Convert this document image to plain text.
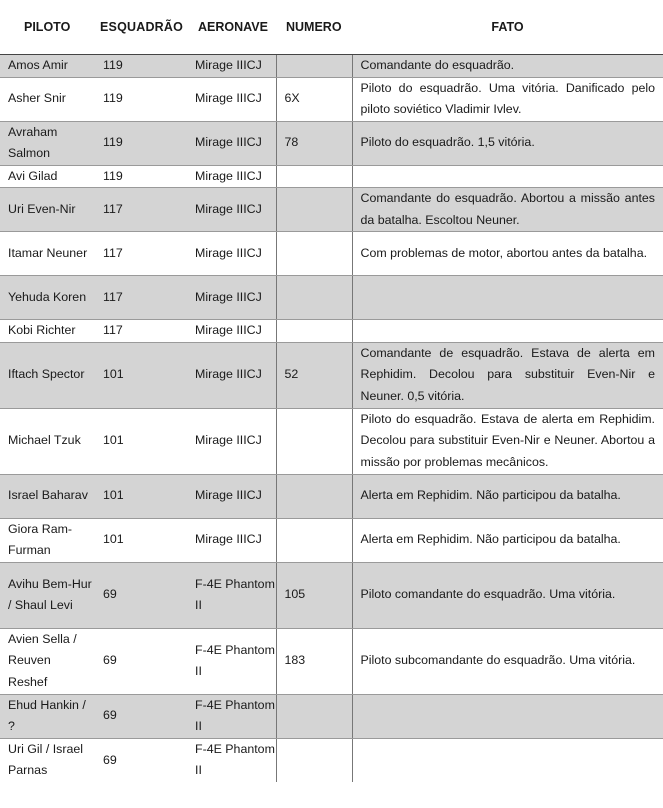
PILOTO	ESQUADRÃO	AERONAVE	NUMERO	FATO
Amos Amir	119	Mirage IIICJ		Comandante do esquadrão.
Asher Snir	119	Mirage IIICJ	6X	Piloto do esquadrão. Uma vitória. Danificado pelo piloto soviético Vladimir Ivlev.
Avraham Salmon	119	Mirage IIICJ	78	Piloto do esquadrão. 1,5 vitória.
Avi Gilad	119	Mirage IIICJ		
Uri Even-Nir	117	Mirage IIICJ		Comandante do esquadrão. Abortou a missão antes da batalha. Escoltou Neuner.
Itamar Neuner	117	Mirage IIICJ		Com problemas de motor, abortou antes da batalha.
Yehuda Koren	117	Mirage IIICJ		
Kobi Richter	117	Mirage IIICJ		
Iftach Spector	101	Mirage IIICJ	52	Comandante de esquadrão. Estava de alerta em Rephidim. Decolou para substituir Even-Nir e Neuner. 0,5 vitória.
Michael Tzuk	101	Mirage IIICJ		Piloto do esquadrão. Estava de alerta em Rephidim. Decolou para substituir Even-Nir e Neuner. Abortou a missão por problemas mecânicos.
Israel Baharav	101	Mirage IIICJ		Alerta em Rephidim. Não participou da batalha.
Giora Ram-Furman	101	Mirage IIICJ		Alerta em Rephidim. Não participou da batalha.
Avihu Bem-Hur / Shaul Levi	69	F-4E Phantom II	105	Piloto comandante do esquadrão. Uma vitória.
Avien Sella / Reuven Reshef	69	F-4E Phantom II	183	Piloto subcomandante do esquadrão. Uma vitória.
Ehud Hankin / ?	69	F-4E Phantom II		
Uri Gil / Israel Parnas	69	F-4E Phantom II		
